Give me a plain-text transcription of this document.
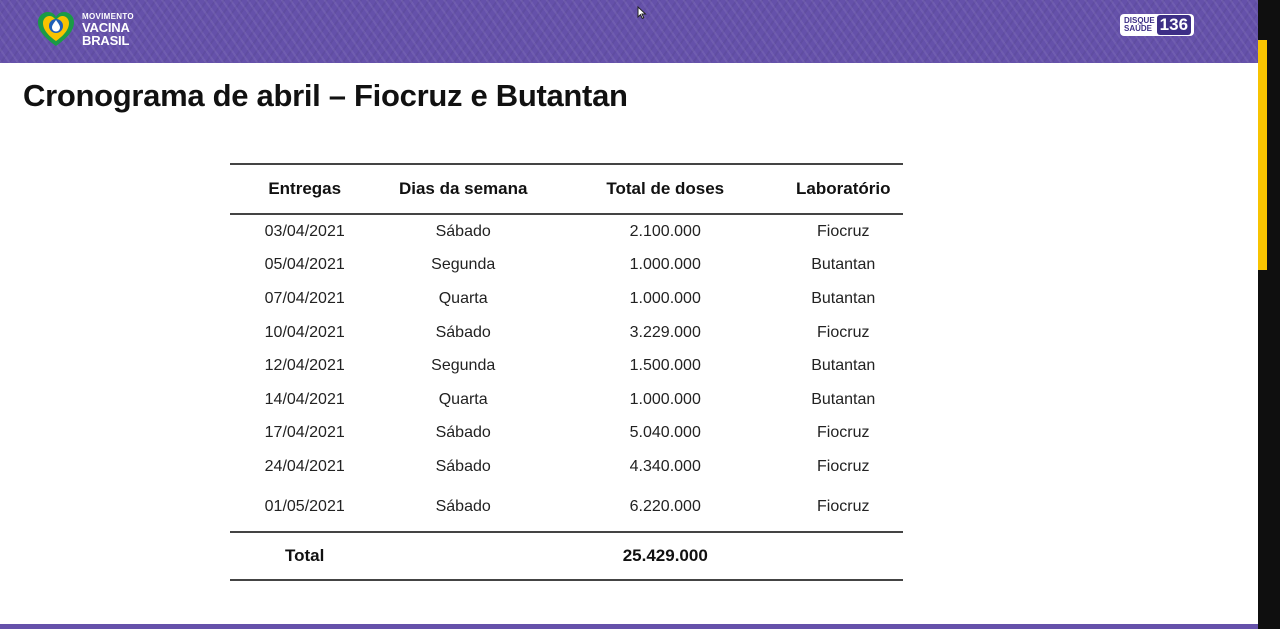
MOVIMENTO
VACINA
BRASIL
DISQUE
SAÚDE 136
Cronograma de abril – Fiocruz e Butantan
Entregas	Dias da semana	Total de doses	Laboratório
03/04/2021	Sábado	2.100.000	Fiocruz
05/04/2021	Segunda	1.000.000	Butantan
07/04/2021	Quarta	1.000.000	Butantan
10/04/2021	Sábado	3.229.000	Fiocruz
12/04/2021	Segunda	1.500.000	Butantan
14/04/2021	Quarta	1.000.000	Butantan
17/04/2021	Sábado	5.040.000	Fiocruz
24/04/2021	Sábado	4.340.000	Fiocruz
01/05/2021	Sábado	6.220.000	Fiocruz
Total		25.429.000	
